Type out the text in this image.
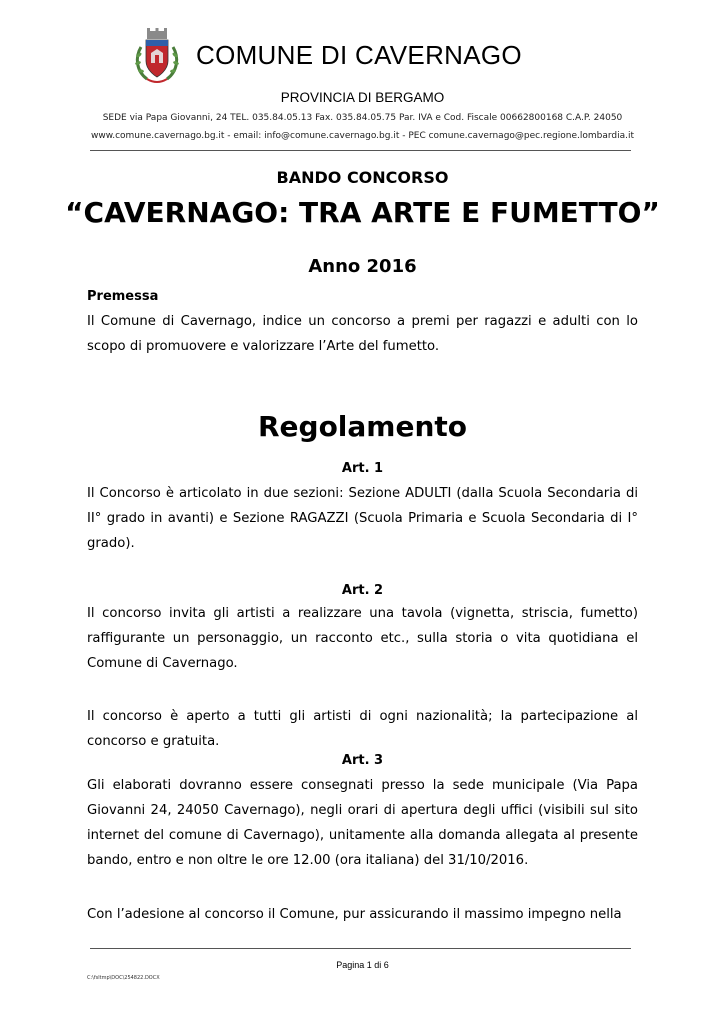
COMUNE DI CAVERNAGO
PROVINCIA DI BERGAMO
SEDE via Papa Giovanni, 24 TEL. 035.84.05.13 Fax. 035.84.05.75 Par. IVA e Cod. Fiscale 00662800168 C.A.P. 24050
www.comune.cavernago.bg.it - email: info@comune.cavernago.bg.it - PEC comune.cavernago@pec.regione.lombardia.it
BANDO CONCORSO
“CAVERNAGO: TRA ARTE E FUMETTO”
Anno 2016
Premessa
Il Comune di Cavernago, indice un concorso a premi per ragazzi e adulti con lo scopo di promuovere e valorizzare l’Arte del fumetto.
Regolamento
Art. 1
Il Concorso è articolato in due sezioni: Sezione ADULTI (dalla Scuola Secondaria di II° grado in avanti) e Sezione RAGAZZI (Scuola Primaria e Scuola Secondaria di I° grado).
Art. 2
Il concorso invita gli artisti a realizzare una tavola (vignetta, striscia, fumetto) raffigurante un personaggio, un racconto etc., sulla storia o vita quotidiana el Comune di Cavernago.
Il concorso è aperto a tutti gli artisti di ogni nazionalità; la partecipazione al concorso e gratuita.
Art. 3
Gli elaborati dovranno essere consegnati presso la sede municipale (Via Papa Giovanni 24, 24050 Cavernago), negli orari di apertura degli uffici (visibili sul sito internet del comune di Cavernago), unitamente alla domanda allegata al presente bando, entro e non oltre le ore 12.00 (ora italiana) del 31/10/2016.
Con l’adesione al concorso il Comune, pur assicurando il massimo impegno nella
Pagina 1 di 6
C:\fsltmp\DOC\254822.DOCX
